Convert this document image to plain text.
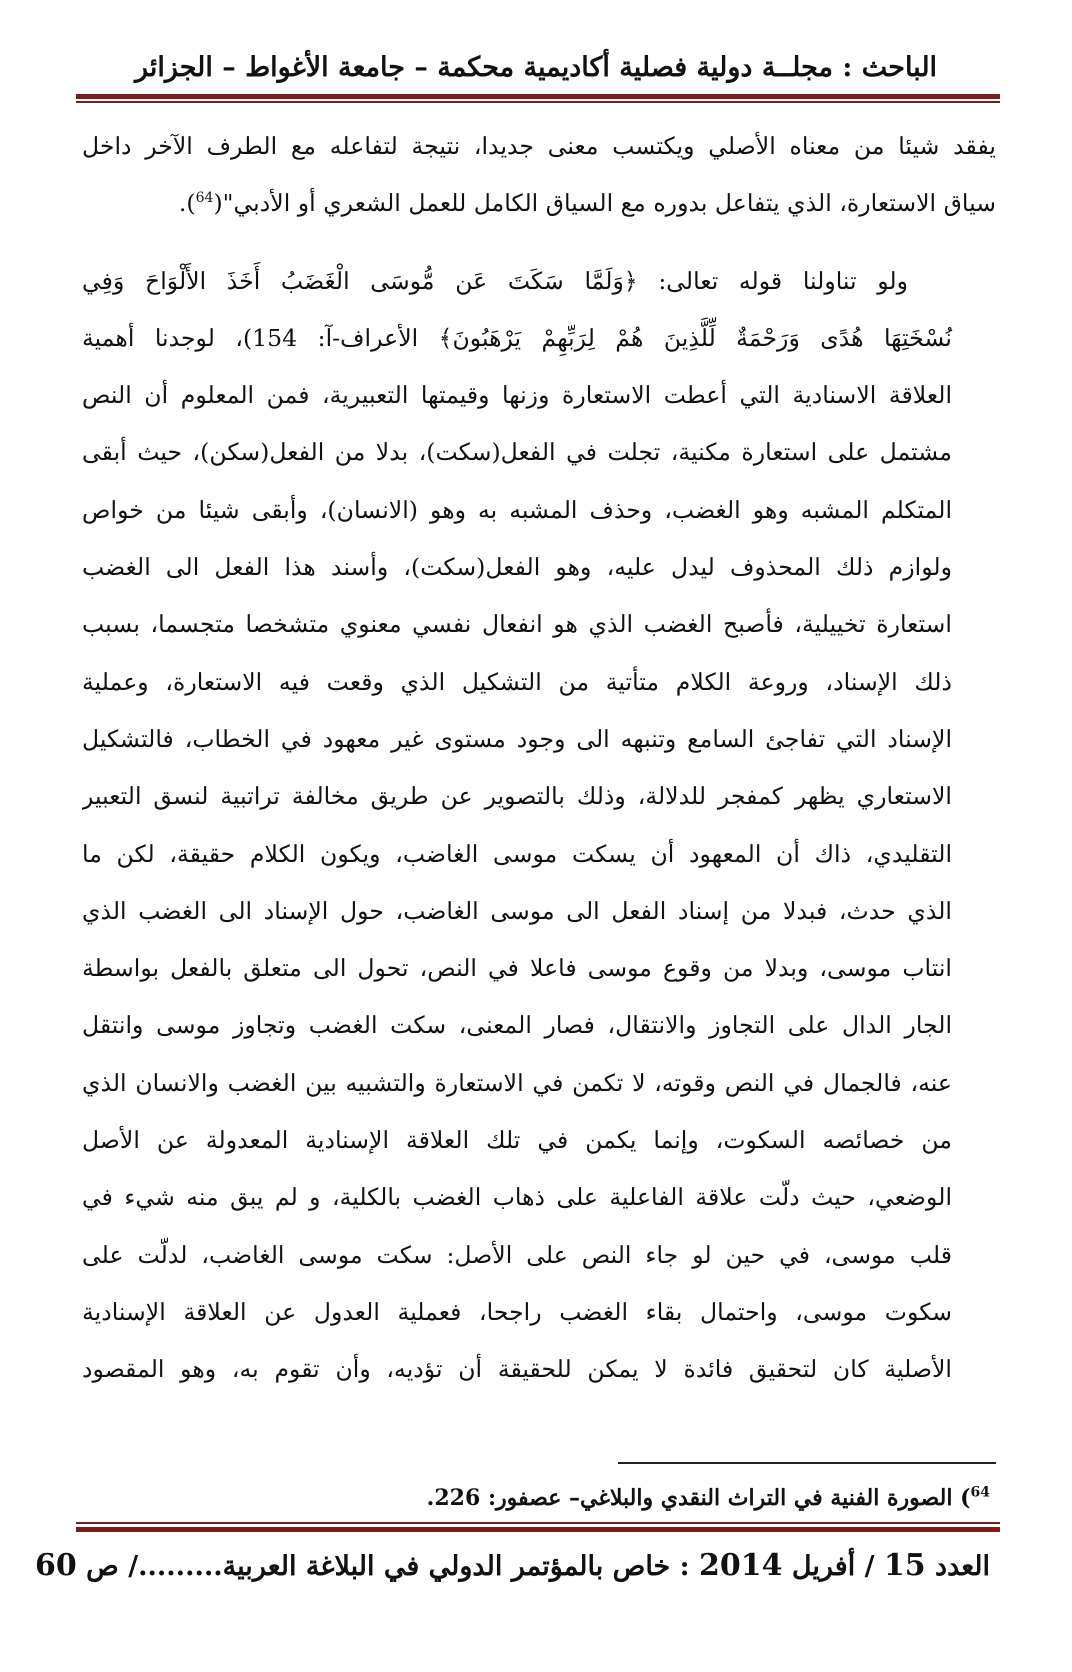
الباحث : مجلــة دولية فصلية أكاديمية محكمة – جامعة الأغواط – الجزائر
يفقد شيئا من معناه الأصلي ويكتسب معنى جديدا، نتيجة لتفاعله مع الطرف الآخر داخل
سياق الاستعارة، الذي يتفاعل بدوره مع السياق الكامل للعمل الشعري أو الأدبي"($^{64}$).
ولو تناولنا قوله تعالى: ﴿وَلَمَّا سَكَتَ عَن مُّوسَى الْغَضَبُ أَخَذَ الأَلْوَاحَ وَفِي
نُسْخَتِهَا هُدًى وَرَحْمَةٌ لِّلَّذِينَ هُمْ لِرَبِّهِمْ يَرْهَبُونَ﴾ الأعراف-آ: 154)، لوجدنا أهمية
العلاقة الاسنادية التي أعطت الاستعارة وزنها وقيمتها التعبيرية، فمن المعلوم أن النص
مشتمل على استعارة مكنية، تجلت في الفعل(سكت)، بدلا من الفعل(سكن)، حيث أبقى
المتكلم المشبه وهو الغضب، وحذف المشبه به وهو (الانسان)، وأبقى شيئا من خواص
ولوازم ذلك المحذوف ليدل عليه، وهو الفعل(سكت)، وأسند هذا الفعل الى الغضب
استعارة تخييلية، فأصبح الغضب الذي هو انفعال نفسي معنوي متشخصا متجسما، بسبب
ذلك الإسناد، وروعة الكلام متأتية من التشكيل الذي وقعت فيه الاستعارة، وعملية
الإسناد التي تفاجئ السامع وتنبهه الى وجود مستوى غير معهود في الخطاب، فالتشكيل
الاستعاري يظهر كمفجر للدلالة، وذلك بالتصوير عن طريق مخالفة تراتبية لنسق التعبير
التقليدي، ذاك أن المعهود أن يسكت موسى الغاضب، ويكون الكلام حقيقة، لكن ما
الذي حدث، فبدلا من إسناد الفعل الى موسى الغاضب، حول الإسناد الى الغضب الذي
انتاب موسى، وبدلا من وقوع موسى فاعلا في النص، تحول الى متعلق بالفعل بواسطة
الجار الدال على التجاوز والانتقال، فصار المعنى، سكت الغضب وتجاوز موسى وانتقل
عنه، فالجمال في النص وقوته، لا تكمن في الاستعارة والتشبيه بين الغضب والانسان الذي
من خصائصه السكوت، وإنما يكمن في تلك العلاقة الإسنادية المعدولة عن الأصل
الوضعي، حيث دلّت علاقة الفاعلية على ذهاب الغضب بالكلية، و لم يبق منه شيء في
قلب موسى، في حين لو جاء النص على الأصل: سكت موسى الغاضب، لدلّت على
سكوت موسى، واحتمال بقاء الغضب راجحا، فعملية العدول عن العلاقة الإسنادية
الأصلية كان لتحقيق فائدة لا يمكن للحقيقة أن تؤديه، وأن تقوم به، وهو المقصود
$^{64}$) الصورة الفنية في التراث النقدي والبلاغي– عصفور: 226.
العدد 15 / أفريل 2014 : خاص بالمؤتمر الدولي في البلاغة العربية........./ ص 60
